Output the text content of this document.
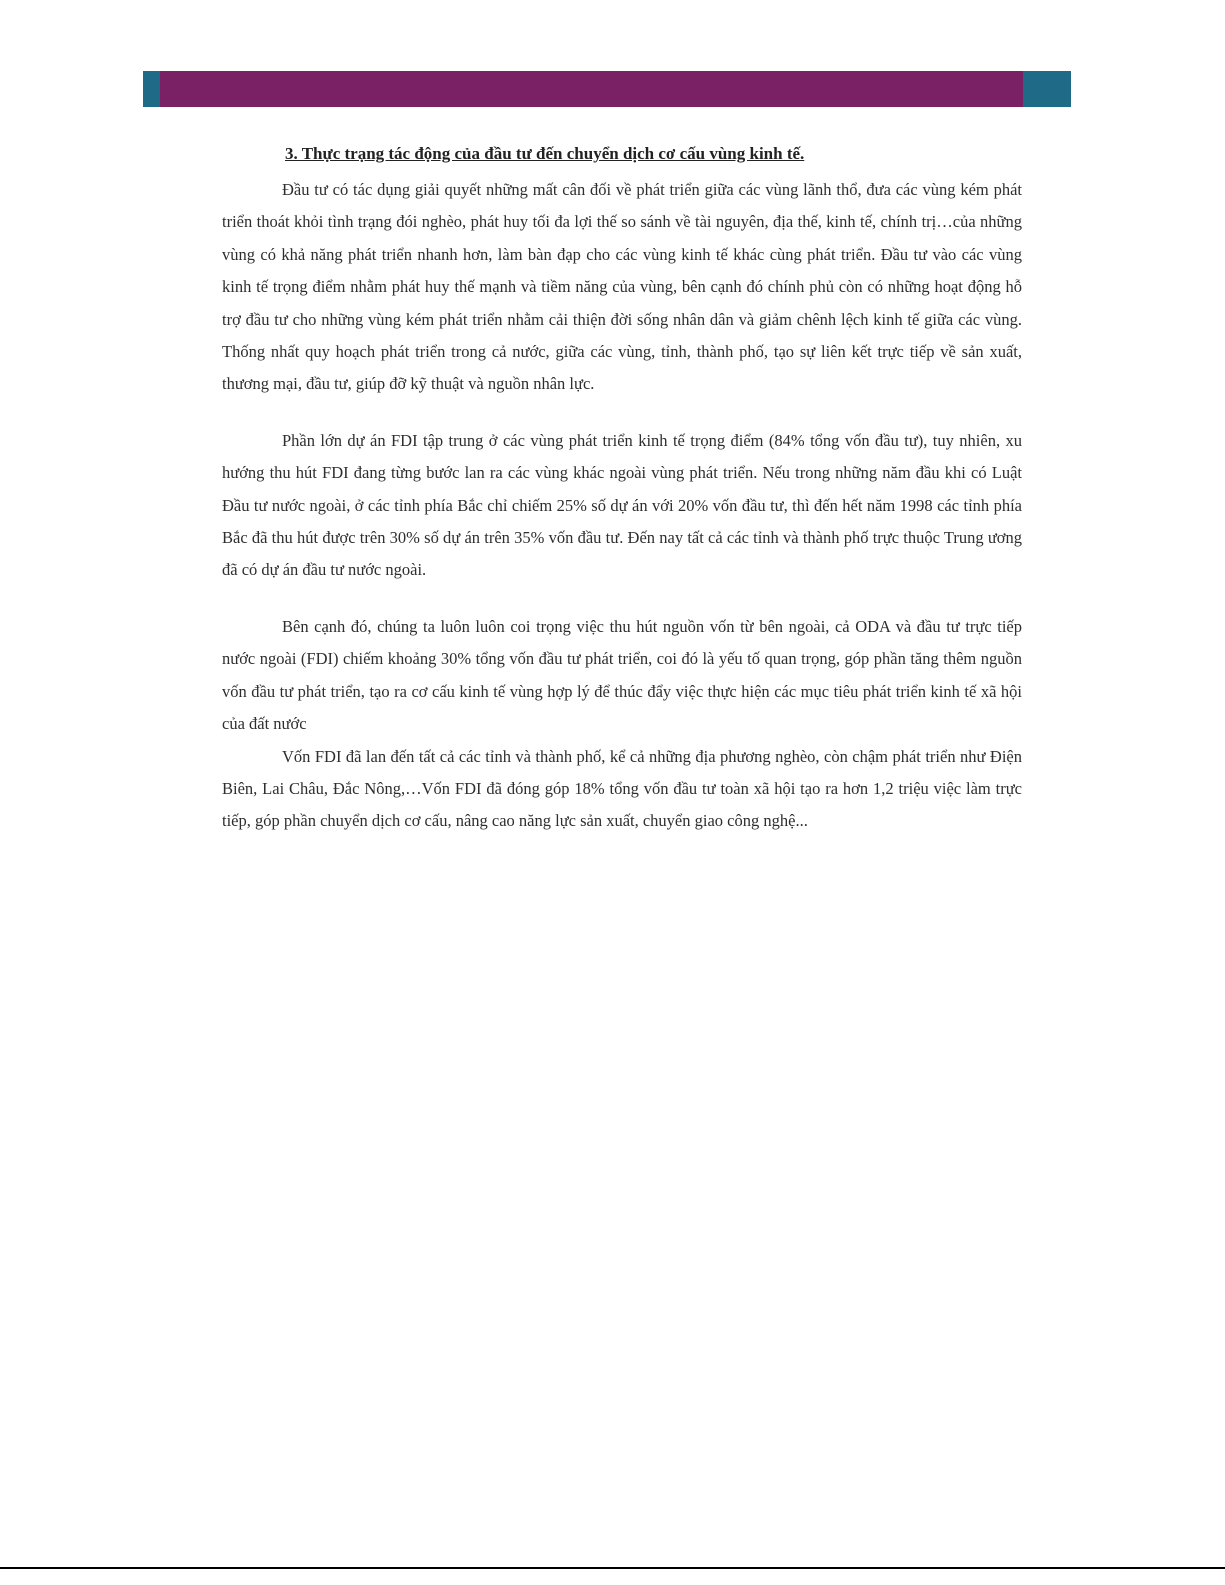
3. Thực trạng tác động của đầu tư đến chuyển dịch cơ cấu vùng kinh tế.

Đầu tư có tác dụng giải quyết những mất cân đối về phát triển giữa các vùng lãnh thổ, đưa các vùng kém phát triển thoát khỏi tình trạng đói nghèo, phát huy tối đa lợi thế so sánh về tài nguyên, địa thế, kinh tế, chính trị…của những vùng có khả năng phát triển nhanh hơn, làm bàn đạp cho các vùng kinh tế khác cùng phát triển. Đầu tư vào các vùng kinh tế trọng điểm nhằm phát huy thế mạnh và tiềm năng của vùng, bên cạnh đó chính phủ còn có những hoạt động hỗ trợ đầu tư cho những vùng kém phát triển nhằm cải thiện đời sống nhân dân và giảm chênh lệch kinh tế giữa các vùng. Thống nhất quy hoạch phát triển trong cả nước, giữa các vùng, tỉnh, thành phố, tạo sự liên kết trực tiếp về sản xuất, thương mại, đầu tư, giúp đỡ kỹ thuật và nguồn nhân lực.

Phần lớn dự án FDI tập trung ở các vùng phát triển kinh tế trọng điểm (84% tổng vốn đầu tư), tuy nhiên, xu hướng thu hút FDI đang từng bước lan ra các vùng khác ngoài vùng phát triển. Nếu trong những năm đầu khi có Luật Đầu tư nước ngoài, ở các tỉnh phía Bắc chỉ chiếm 25% số dự án với 20% vốn đầu tư, thì đến hết năm 1998 các tỉnh phía Bắc đã thu hút được trên 30% số dự án trên 35% vốn đầu tư. Đến nay tất cả các tỉnh và thành phố trực thuộc Trung ương đã có dự án đầu tư nước ngoài.

Bên cạnh đó, chúng ta luôn luôn coi trọng việc thu hút nguồn vốn từ bên ngoài, cả ODA và đầu tư trực tiếp nước ngoài (FDI) chiếm khoảng 30% tổng vốn đầu tư phát triển, coi đó là yếu tố quan trọng, góp phần tăng thêm nguồn vốn đầu tư phát triển, tạo ra cơ cấu kinh tế vùng hợp lý để thúc đẩy việc thực hiện các mục tiêu phát triển kinh tế xã hội của đất nước

Vốn FDI đã lan đến tất cả các tỉnh và thành phố, kể cả những địa phương nghèo, còn chậm phát triển như Điện Biên, Lai Châu, Đắc Nông,…Vốn FDI đã đóng góp 18% tổng vốn đầu tư toàn xã hội tạo ra hơn 1,2 triệu việc làm trực tiếp, góp phần chuyển dịch cơ cấu, nâng cao năng lực sản xuất, chuyển giao công nghệ...
